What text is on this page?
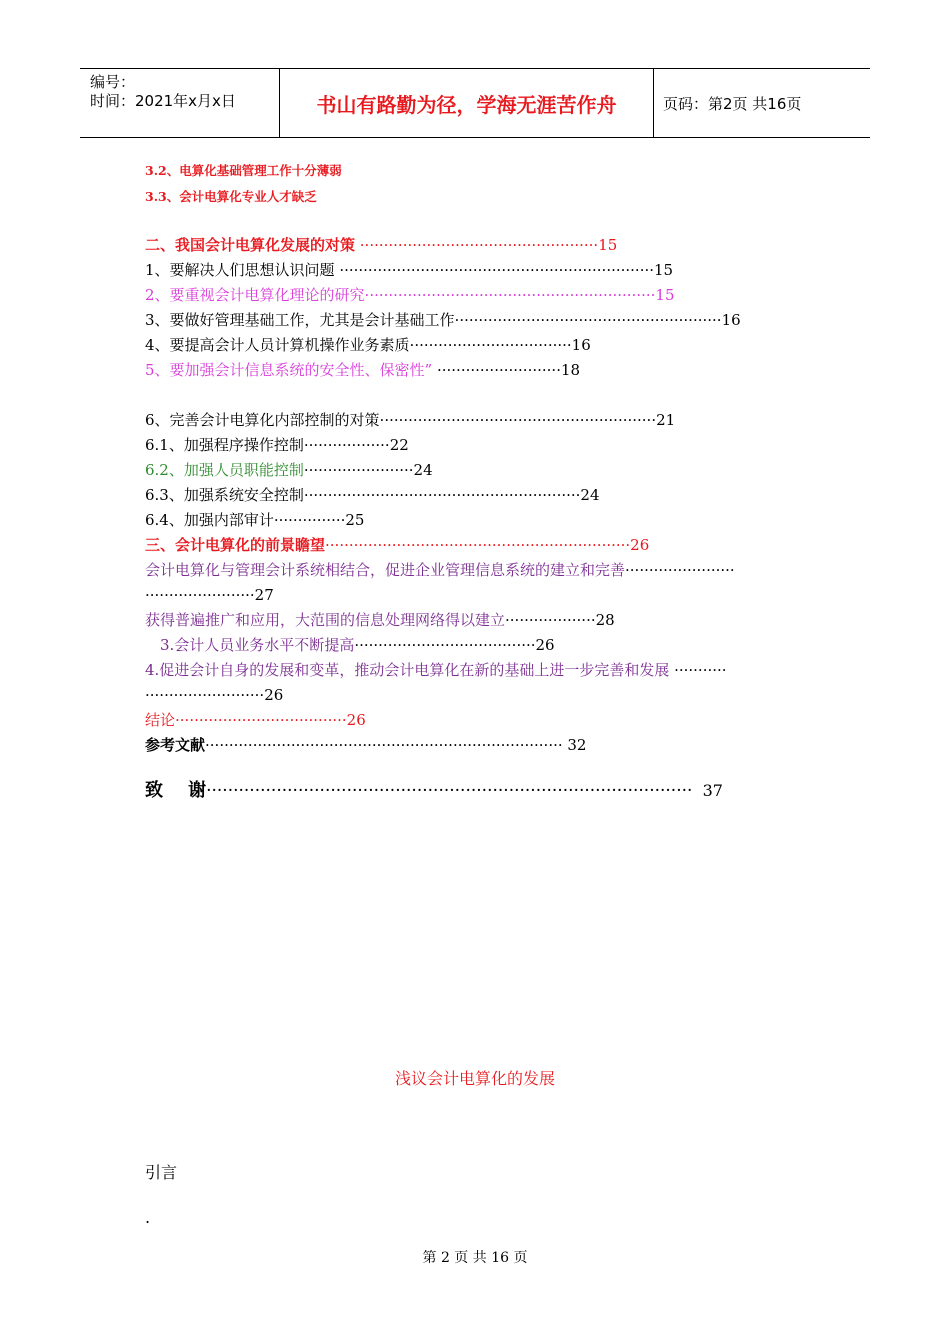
编号：
时间：2021年x月x日	书山有路勤为径，学海无涯苦作舟	页码：第2页 共16页
3.2、电算化基础管理工作十分薄弱
3.3、会计电算化专业人才缺乏
二、我国会计电算化发展的对策 ··················································15
1、要解决人们思想认识问题 ··································································15
2、要重视会计电算化理论的研究·····························································15
3、要做好管理基础工作，尤其是会计基础工作························································16
4、要提高会计人员计算机操作业务素质··································16
5、要加强会计信息系统的安全性、保密性” ··························18
6、完善会计电算化内部控制的对策··························································21
6.1、加强程序操作控制··················22
6.2、加强人员职能控制·······················24
6.3、加强系统安全控制··························································24
6.4、加强内部审计···············25
三、会计电算化的前景瞻望································································26
会计电算化与管理会计系统相结合，促进企业管理信息系统的建立和完善·······················
·······················27
获得普遍推广和应用，大范围的信息处理网络得以建立···················28
3.会计人员业务水平不断提高······································26
4.促进会计自身的发展和变革，推动会计电算化在新的基础上进一步完善和发展 ···········
·························26
结论····································26
参考文献··········································································· 32
致    谢··························································································  37
浅议会计电算化的发展
引言
.
第 2 页 共 16 页
